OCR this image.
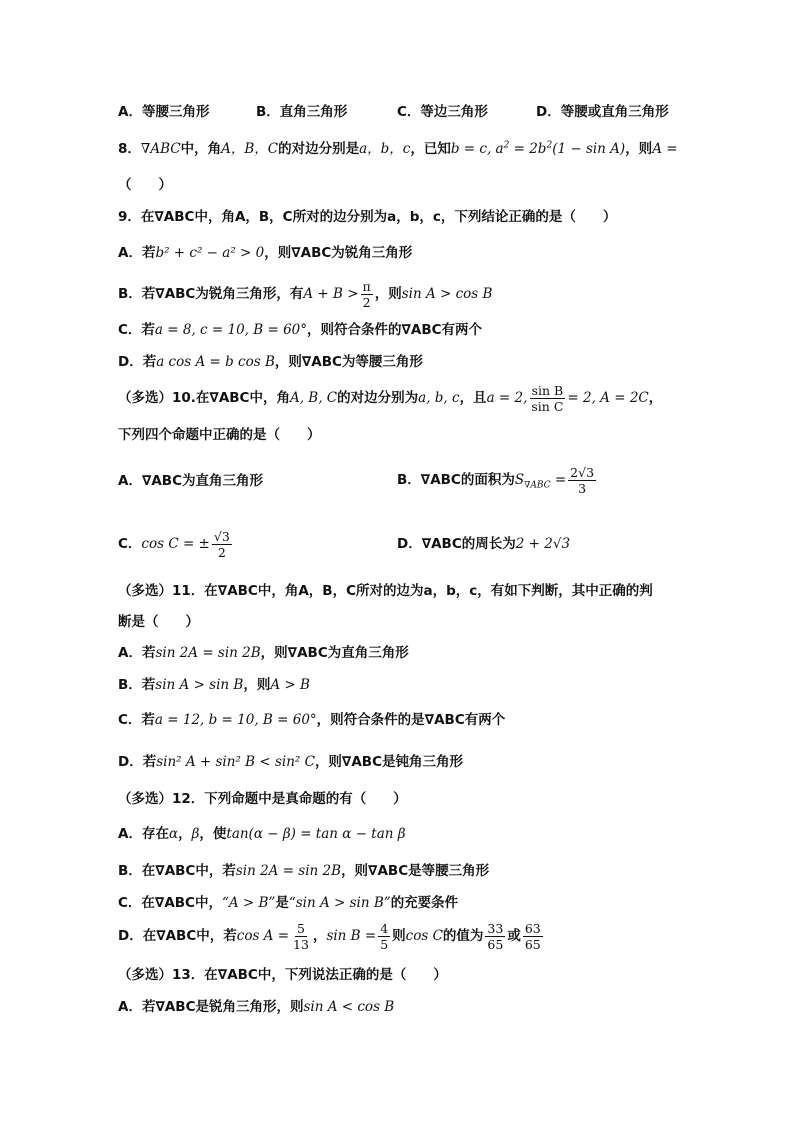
A．等腰三角形	B．直角三角形	C．等边三角形	D．等腰或直角三角形
8．∇ABC中，角A，B，C的对边分别是a，b，c，已知b = c, $a^2 = 2b^2(1 - \sin A)$，则A =
（　　）
9．在∇ABC中，角A，B，C所对的边分别为a，b，c，下列结论正确的是（　　）
A．若b² + c² − a² > 0，则∇ABC为锐角三角形
B．若∇ABC为锐角三角形，有$A + B > \frac{\pi}{2}$ ，则sin A > cos B
C．若a = 8, c = 10, B = 60°，则符合条件的∇ABC有两个
D．若a cos A = b cos B，则∇ABC为等腰三角形
（多选）10.在∇ABC中，角A, B, C的对边分别为a, b, c，且a = 2, $\frac{\text{sin B}}{\text{sin C}} = 2$, A = 2C，
下列四个命题中正确的是（　　）
A．∇ABC为直角三角形	B．∇ABC的面积为$S_{\nabla ABC} = \frac{2√3}{3}$
C．cos C = ± $\frac{√3}{2}$	D．∇ABC的周长为2 + 2√3
（多选）11．在∇ABC中，角A，B，C所对的边为a，b，c，有如下判断，其中正确的判
断是（　　）
A．若sin 2A = sin 2B，则∇ABC为直角三角形
B．若sin A > sin B，则A > B
C．若a = 12, b = 10, B = 60°，则符合条件的是∇ABC有两个
D．若sin² A + sin² B < sin² C，则∇ABC是钝角三角形
（多选）12．下列命题中是真命题的有（　　）
A．存在α，β，使tan(α − β) = tan α − tan β
B．在∇ABC中，若sin 2A = sin 2B，则∇ABC是等腰三角形
C．在∇ABC中，“A > B”是“sin A > sin B”的充要条件
D．在∇ABC中，若$\cos A = \frac{5}{13}$ ，$\sin B = \frac{4}{5}$ 则cos C的值为 $\frac{33}{65}$ 或 $\frac{63}{65}$
（多选）13．在∇ABC中，下列说法正确的是（　　）
A．若∇ABC是锐角三角形，则sin A < cos B
